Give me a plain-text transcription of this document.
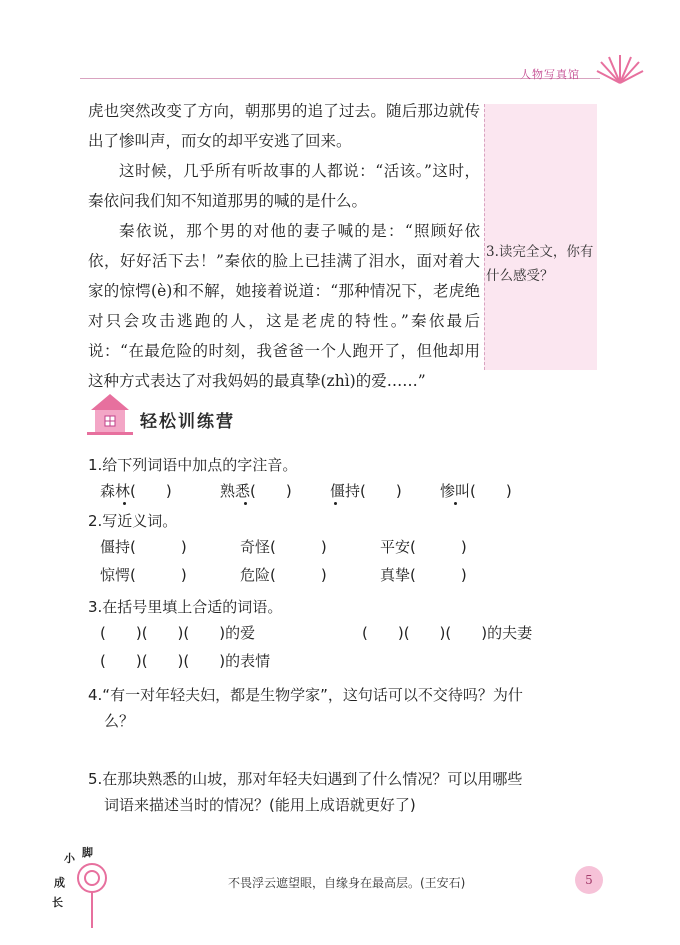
人物写真馆

虎也突然改变了方向，朝那男的追了过去。随后那边就传出了惨叫声，而女的却平安逃了回来。

这时候，几乎所有听故事的人都说：“活该。”这时，秦依问我们知不知道那男的喊的是什么。

秦依说，那个男的对他的妻子喊的是：“照顾好依依，好好活下去！”秦依的脸上已挂满了泪水，面对着大家的惊愕(è)和不解，她接着说道：“那种情况下，老虎绝对只会攻击逃跑的人，这是老虎的特性。”秦依最后说：“在最危险的时刻，我爸爸一个人跑开了，但他却用这种方式表达了对我妈妈的最真挚(zhì)的爱……”

3.读完全文，你有什么感受？
轻松训练营
1.给下列词语中加点的字注音。
森林(　　)	熟悉(　　)	僵持(　　)	惨叫(　　)
2.写近义词。
僵持(　　　)	奇怪(　　　)	平安(　　　)
惊愕(　　　)	危险(　　　)	真挚(　　　)
3.在括号里填上合适的词语。
(　　)(　　)(　　)的爱	(　　)(　　)(　　)的夫妻
(　　)(　　)(　　)的表情
4.“有一对年轻夫妇，都是生物学家”，这句话可以不交待吗？为什
么？
5.在那块熟悉的山坡，那对年轻夫妇遇到了什么情况？可以用哪些
词语来描述当时的情况？(能用上成语就更好了)
小 脚
成
长
不畏浮云遮望眼，自缘身在最高层。(王安石)	5
